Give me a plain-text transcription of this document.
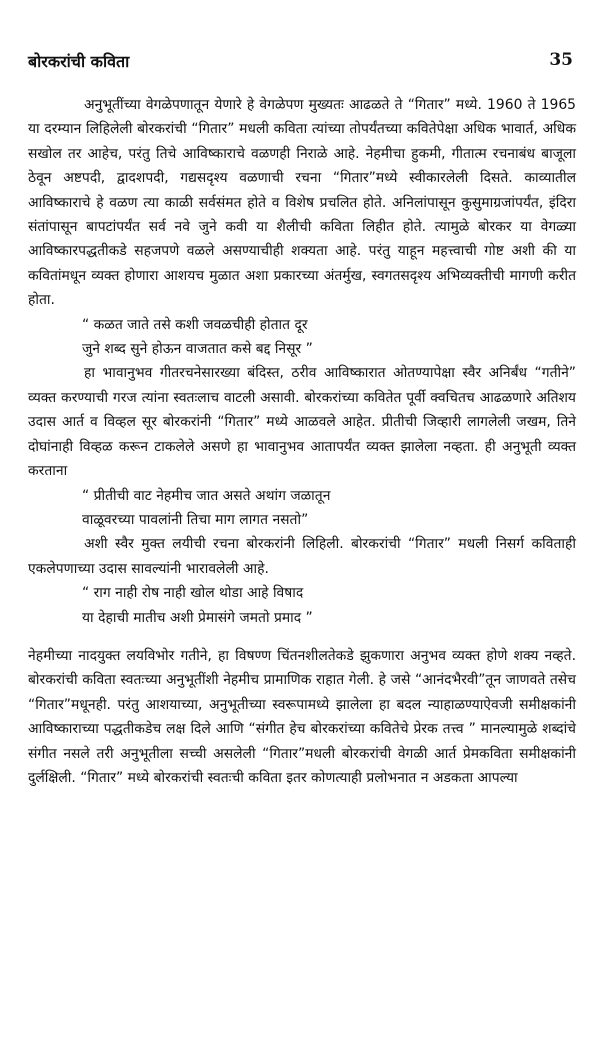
बोरकरांची कविता	35

अनुभूतींच्या वेगळेपणातून येणारे हे वेगळेपण मुख्यतः आढळते ते “गितार” मध्ये. 1960 ते 1965 या दरम्यान लिहिलेली बोरकरांची “गितार” मधली कविता त्यांच्या तोपर्यंतच्या कवितेपेक्षा अधिक भावार्त, अधिक सखोल तर आहेच, परंतु तिचे आविष्काराचे वळणही निराळे आहे. नेहमीचा हुकमी, गीतात्म रचनाबंध बाजूला ठेवून अष्टपदी, द्वादशपदी, गद्यसदृश्य वळणाची रचना “गितार”मध्ये स्वीकारलेली दिसते. काव्यातील आविष्काराचे हे वळण त्या काळी सर्वसंमत होते व विशेष प्रचलित होते. अनिलांपासून कुसुमाग्रजांपर्यंत, इंदिरा संतांपासून बापटांपर्यंत सर्व नवे जुने कवी या शैलीची कविता लिहीत होते. त्यामुळे बोरकर या वेगळ्या आविष्कारपद्धतीकडे सहजपणे वळले असण्याचीही शक्यता आहे. परंतु याहून महत्त्वाची गोष्ट अशी की या कवितांमधून व्यक्त होणारा आशयच मुळात अशा प्रकारच्या अंतर्मुख, स्वगतसदृश्य अभिव्यक्तीची मागणी करीत होता.

“ कळत जाते तसे कशी जवळचीही होतात दूर
जुने शब्द सुने होऊन वाजतात कसे बद्द निसूर ”

हा भावानुभव गीतरचनेसारख्या बंदिस्त, ठरीव आविष्कारात ओतण्यापेक्षा स्वैर अनिर्बंध “गतीने” व्यक्त करण्याची गरज त्यांना स्वतःलाच वाटली असावी. बोरकरांच्या कवितेत पूर्वी क्वचितच आढळणारे अतिशय उदास आर्त व विव्हल सूर बोरकरांनी “गितार” मध्ये आळवले आहेत. प्रीतीची जिव्हारी लागलेली जखम, तिने दोघांनाही विव्हळ करून टाकलेले असणे हा भावानुभव आतापर्यंत व्यक्त झालेला नव्हता. ही अनुभूती व्यक्त करताना

“ प्रीतीची वाट नेहमीच जात असते अथांग जळातून
वाळूवरच्या पावलांनी तिचा माग लागत नसतो”

अशी स्वैर मुक्त लयीची रचना बोरकरांनी लिहिली. बोरकरांची “गितार” मधली निसर्ग कविताही एकलेपणाच्या उदास सावल्यांनी भारावलेली आहे.

“ राग नाही रोष नाही खोल थोडा आहे विषाद
या देहाची मातीच अशी प्रेमासंगे जमतो प्रमाद ”

नेहमीच्या नादयुक्त लयविभोर गतीने, हा विषण्ण चिंतनशीलतेकडे झुकणारा अनुभव व्यक्त होणे शक्य नव्हते. बोरकरांची कविता स्वतःच्या अनुभूतींशी नेहमीच प्रामाणिक राहात गेली. हे जसे “आनंदभैरवी”तून जाणवते तसेच “गितार”मधूनही. परंतु आशयाच्या, अनुभूतीच्या स्वरूपामध्ये झालेला हा बदल न्याहाळण्याऐवजी समीक्षकांनी आविष्काराच्या पद्धतीकडेच लक्ष दिले आणि “संगीत हेच बोरकरांच्या कवितेचे प्रेरक तत्त्व ” मानल्यामुळे शब्दांचे संगीत नसले तरी अनुभूतीला सच्ची असलेली “गितार”मधली बोरकरांची वेगळी आर्त प्रेमकविता समीक्षकांनी दुर्लक्षिली. “गितार” मध्ये बोरकरांची स्वतःची कविता इतर कोणत्याही प्रलोभनात न अडकता आपल्या
